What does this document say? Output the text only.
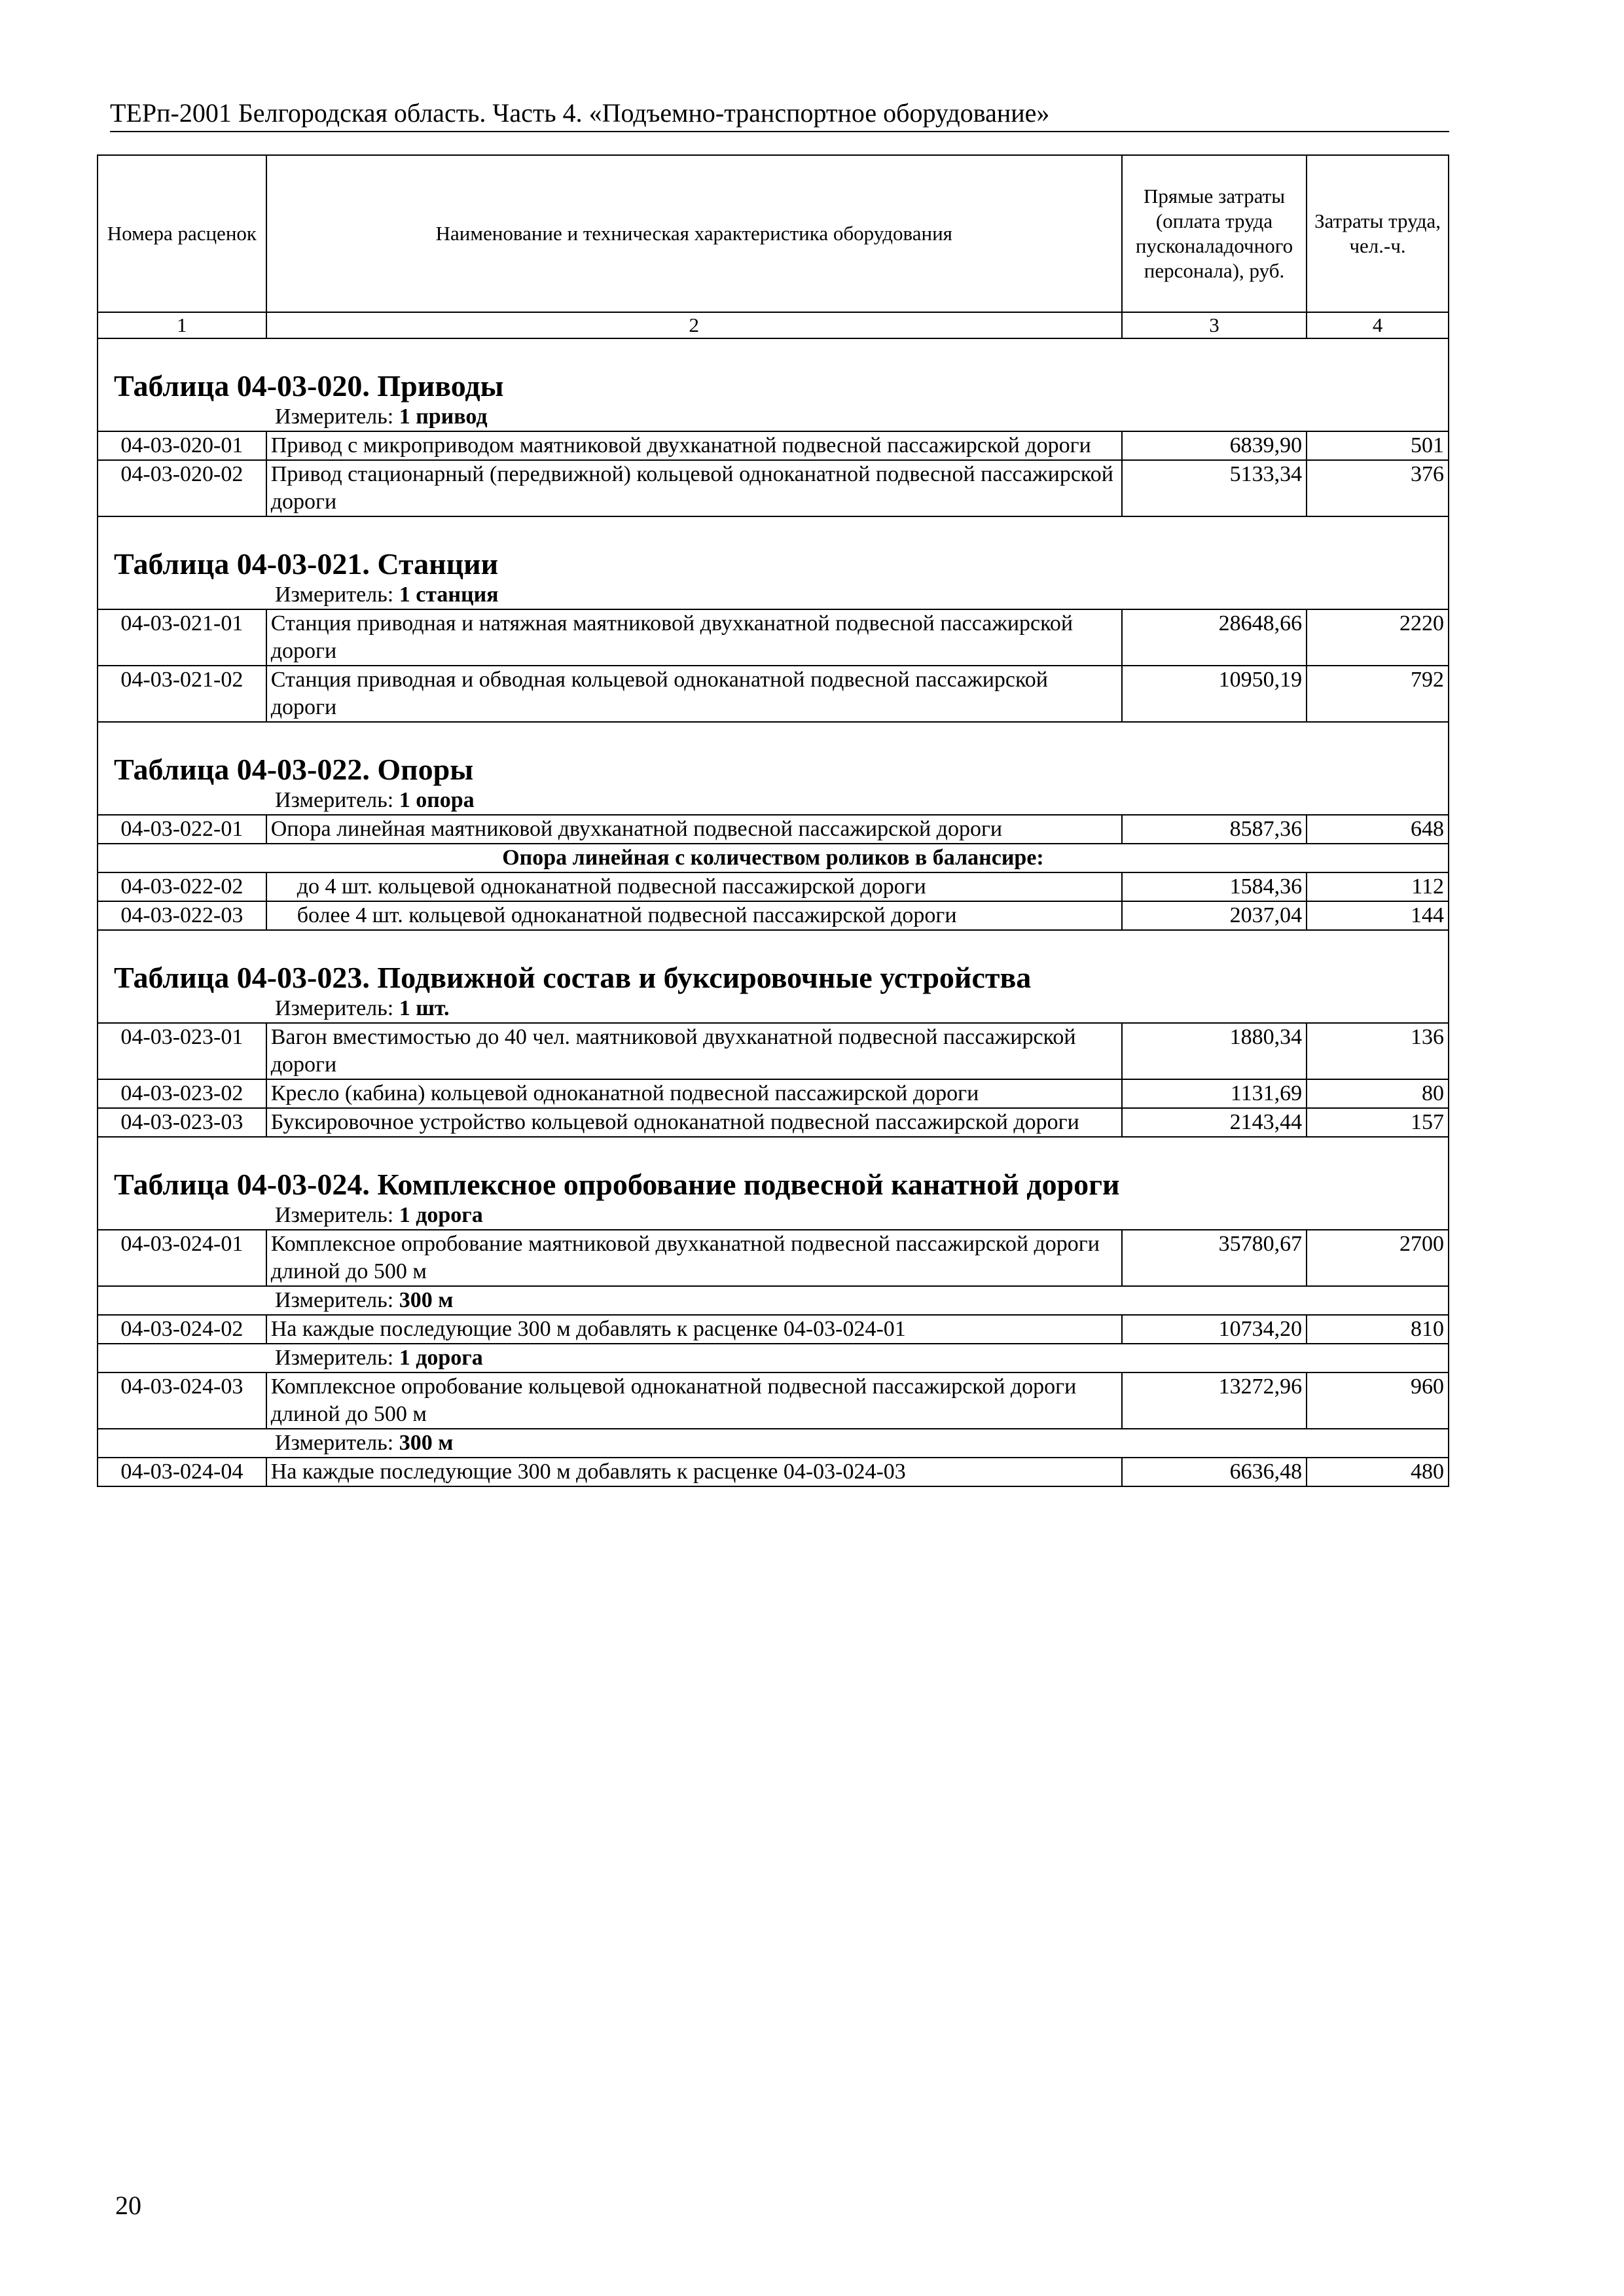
ТЕРп-2001 Белгородская область. Часть 4. «Подъемно-транспортное оборудование»
Номера расценок	Наименование и техническая характеристика оборудования	Прямые затраты (оплата труда пусконаладочного персонала), руб.	Затраты труда, чел.-ч.
1	2	3	4
Таблица 04-03-020. Приводы			
Измеритель: 1 привод			
04-03-020-01	Привод с микроприводом маятниковой двухканатной подвесной пассажирской дороги	6839,90	501
04-03-020-02	Привод стационарный (передвижной) кольцевой одноканатной подвесной пассажирской дороги	5133,34	376
Таблица 04-03-021. Станции			
Измеритель: 1 станция			
04-03-021-01	Станция приводная и натяжная маятниковой двухканатной подвесной пассажирской дороги	28648,66	2220
04-03-021-02	Станция приводная и обводная кольцевой одноканатной подвесной пассажирской дороги	10950,19	792
Таблица 04-03-022. Опоры			
Измеритель: 1 опора			
04-03-022-01	Опора линейная маятниковой двухканатной подвесной пассажирской дороги	8587,36	648
Опора линейная с количеством роликов в балансире:			
04-03-022-02	до 4 шт. кольцевой одноканатной подвесной пассажирской дороги	1584,36	112
04-03-022-03	более 4 шт. кольцевой одноканатной подвесной пассажирской дороги	2037,04	144
Таблица 04-03-023. Подвижной состав и буксировочные устройства			
Измеритель: 1 шт.			
04-03-023-01	Вагон вместимостью до 40 чел. маятниковой двухканатной подвесной пассажирской дороги	1880,34	136
04-03-023-02	Кресло (кабина) кольцевой одноканатной подвесной пассажирской дороги	1131,69	80
04-03-023-03	Буксировочное устройство кольцевой одноканатной подвесной пассажирской дороги	2143,44	157
Таблица 04-03-024. Комплексное опробование подвесной канатной дороги			
Измеритель: 1 дорога			
04-03-024-01	Комплексное опробование маятниковой двухканатной подвесной пассажирской дороги длиной до 500 м	35780,67	2700
Измеритель: 300 м			
04-03-024-02	На каждые последующие 300 м добавлять к расценке 04-03-024-01	10734,20	810
Измеритель: 1 дорога			
04-03-024-03	Комплексное опробование кольцевой одноканатной подвесной пассажирской дороги длиной до 500 м	13272,96	960
Измеритель: 300 м			
04-03-024-04	На каждые последующие 300 м добавлять к расценке 04-03-024-03	6636,48	480
20
